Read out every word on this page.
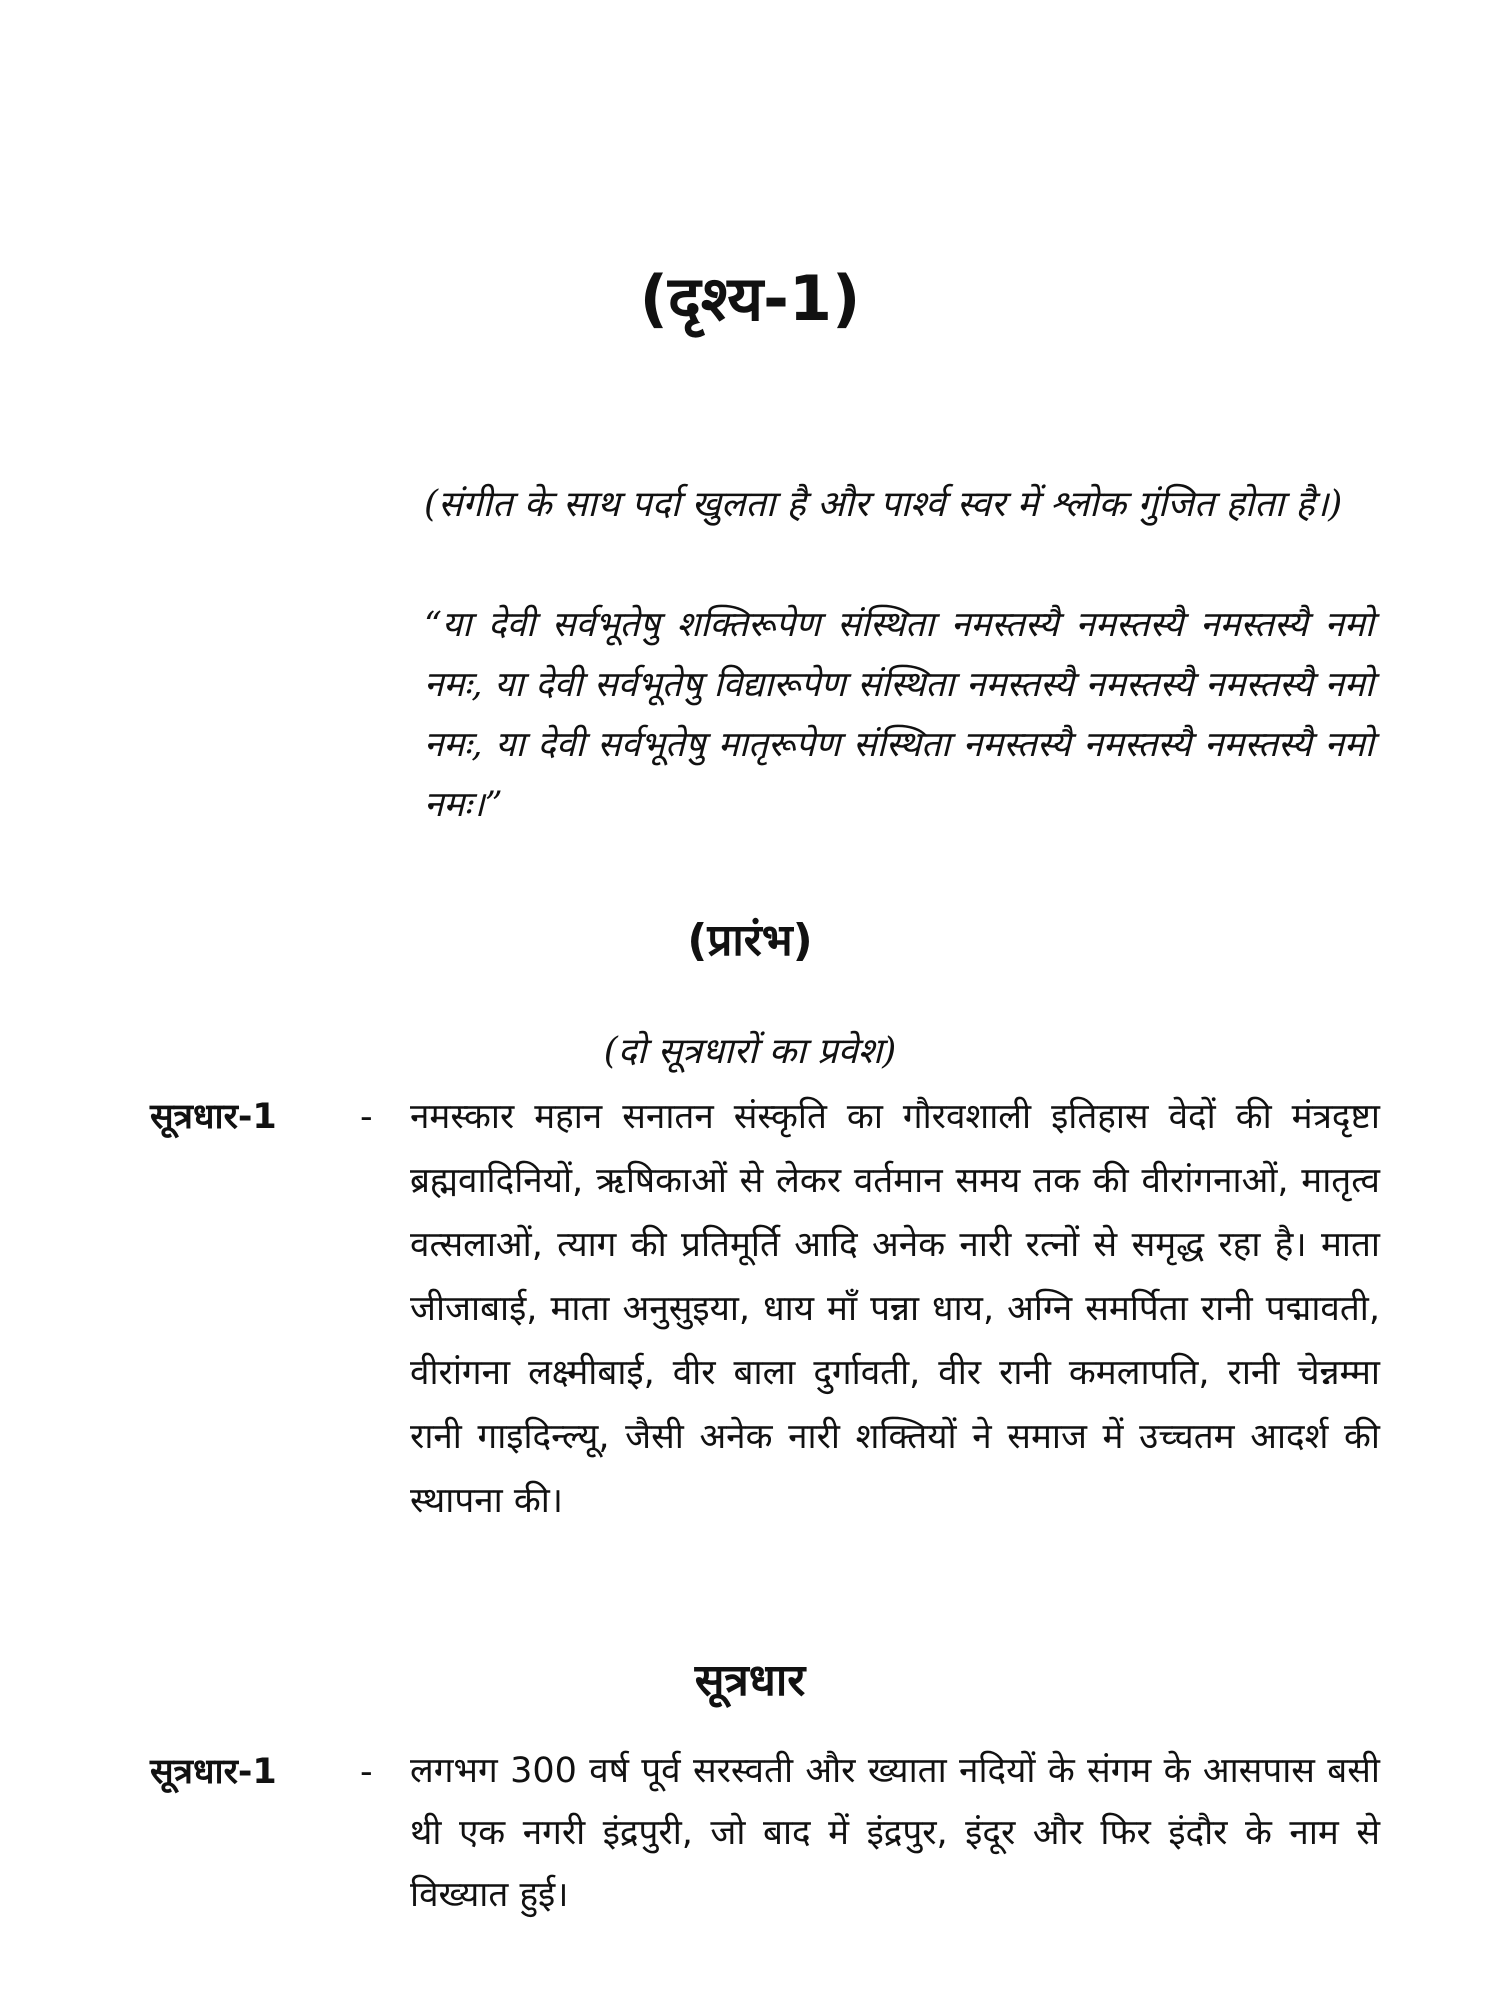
(दृश्य-1)
(संगीत के साथ पर्दा खुलता है और पार्श्व स्वर में श्लोक गुंजित होता है।)
“या देवी सर्वभूतेषु शक्तिरूपेण संस्थिता नमस्तस्यै नमस्तस्यै नमस्तस्यै नमो नमः, या देवी सर्वभूतेषु विद्यारूपेण संस्थिता नमस्तस्यै नमस्तस्यै नमस्तस्यै नमो नमः, या देवी सर्वभूतेषु मातृरूपेण संस्थिता नमस्तस्यै नमस्तस्यै नमस्तस्यै नमो नमः।”
(प्रारंभ)
(दो सूत्रधारों का प्रवेश)
सूत्रधार-1	-	नमस्कार महान सनातन संस्कृति का गौरवशाली इतिहास वेदों की मंत्रदृष्टा ब्रह्मवादिनियों, ऋषिकाओं से लेकर वर्तमान समय तक की वीरांगनाओं, मातृत्व वत्सलाओं, त्याग की प्रतिमूर्ति आदि अनेक नारी रत्नों से समृद्ध रहा है। माता जीजाबाई, माता अनुसुइया, धाय माँ पन्ना धाय, अग्नि समर्पिता रानी पद्मावती, वीरांगना लक्ष्मीबाई, वीर बाला दुर्गावती, वीर रानी कमलापति, रानी चेन्नम्मा रानी गाइदिन्ल्यू, जैसी अनेक नारी शक्तियों ने समाज में उच्चतम आदर्श की स्थापना की।
सूत्रधार
सूत्रधार-1	-	लगभग 300 वर्ष पूर्व सरस्वती और ख्याता नदियों के संगम के आसपास बसी थी एक नगरी इंद्रपुरी, जो बाद में इंद्रपुर, इंदूर और फिर इंदौर के नाम से विख्यात हुई।
